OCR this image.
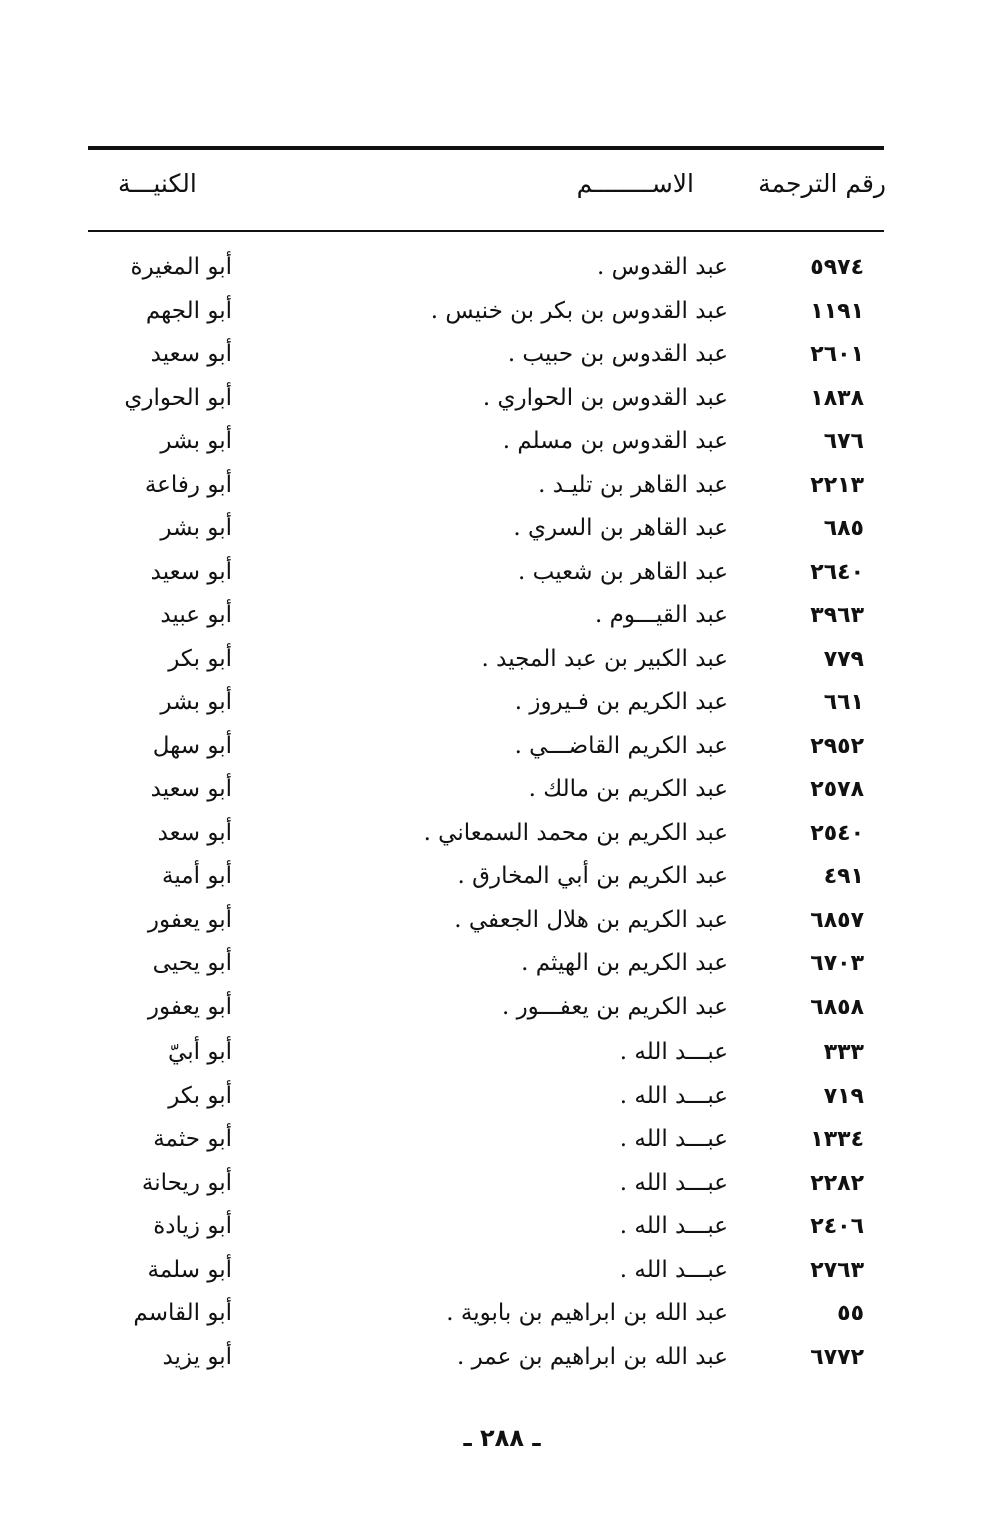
رقم الترجمة
الاســــــــم
الكنيـــة
٥٩٧٤
عبد القدوس .
أبو المغيرة
١١٩١
عبد القدوس بن بكر بن خنيس .
أبو الجهم
٢٦٠١
عبد القدوس بن حبيب .
أبو سعيد
١٨٣٨
عبد القدوس بن الحواري .
أبو الحواري
٦٧٦
عبد القدوس بن مسلم .
أبو بشر
٢٢١٣
عبد القاهر بن تليـد .
أبو رفاعة
٦٨٥
عبد القاهر بن السري .
أبو بشر
٢٦٤٠
عبد القاهر بن شعيب .
أبو سعيد
٣٩٦٣
عبد القيـــوم .
أبو عبيد
٧٧٩
عبد الكبير بن عبد المجيد .
أبو بكر
٦٦١
عبد الكريم بن فـيروز .
أبو بشر
٢٩٥٢
عبد الكريم القاضـــي .
أبو سهل
٢٥٧٨
عبد الكريم بن مالك .
أبو سعيد
٢٥٤٠
عبد الكريم بن محمد السمعاني .
أبو سعد
٤٩١
عبد الكريم بن أبي المخارق .
أبو أمية
٦٨٥٧
عبد الكريم بن هلال الجعفي .
أبو يعفور
٦٧٠٣
عبد الكريم بن الهيثم .
أبو يحيى
٦٨٥٨
عبد الكريم بن يعفـــور .
أبو يعفور
٣٣٣
عبـــد الله .
أبو أبيّ
٧١٩
عبـــد الله .
أبو بكر
١٣٣٤
عبـــد الله .
أبو حثمة
٢٢٨٢
عبـــد الله .
أبو ريحانة
٢٤٠٦
عبـــد الله .
أبو زيادة
٢٧٦٣
عبـــد الله .
أبو سلمة
٥٥
عبد الله بن ابراهيم بن بابوية .
أبو القاسم
٦٧٧٢
عبد الله بن ابراهيم بن عمر .
أبو يزيد
ـ ٢٨٨ ـ
